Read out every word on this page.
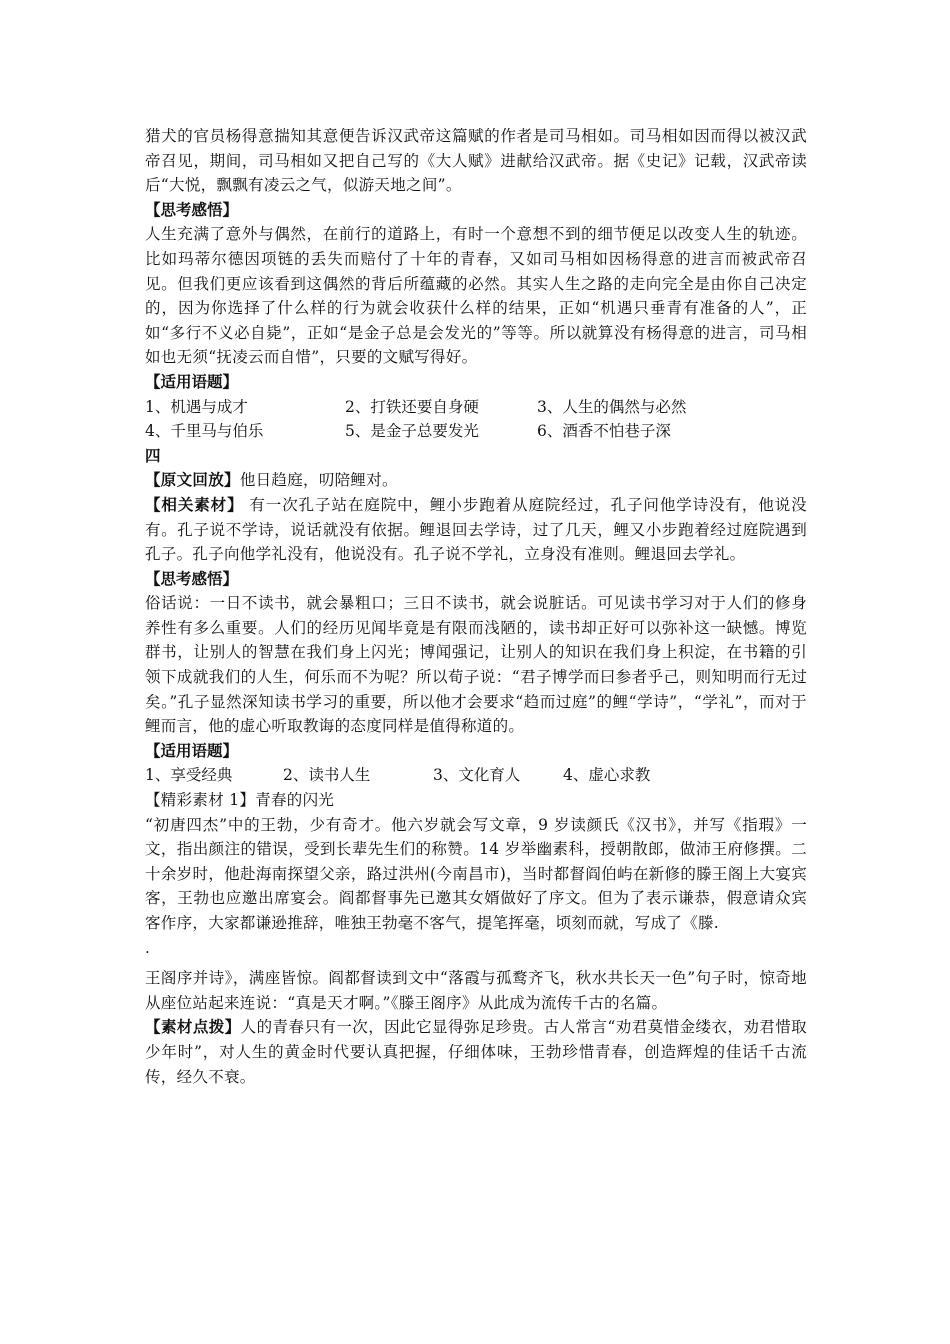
猎犬的官员杨得意揣知其意便告诉汉武帝这篇赋的作者是司马相如。司马相如因而得以被汉武帝召见，期间，司马相如又把自己写的《大人赋》进献给汉武帝。据《史记》记载，汉武帝读后“大悦，飘飘有凌云之气，似游天地之间”。

【思考感悟】

人生充满了意外与偶然，在前行的道路上，有时一个意想不到的细节便足以改变人生的轨迹。比如玛蒂尔德因项链的丢失而赔付了十年的青春，又如司马相如因杨得意的进言而被武帝召见。但我们更应该看到这偶然的背后所蕴藏的必然。其实人生之路的走向完全是由你自己决定的，因为你选择了什么样的行为就会收获什么样的结果，正如“机遇只垂青有准备的人”，正如“多行不义必自毙”，正如“是金子总是会发光的”等等。所以就算没有杨得意的进言，司马相如也无须“抚凌云而自惜”，只要的文赋写得好。

【适用语题】

1、机遇与成才	2、打铁还要自身硬	3、人生的偶然与必然
4、千里马与伯乐	5、是金子总要发光	6、酒香不怕巷子深

四

【原文回放】他日趋庭，叨陪鲤对。

【相关素材】 有一次孔子站在庭院中，鲤小步跑着从庭院经过，孔子问他学诗没有，他说没有。孔子说不学诗，说话就没有依据。鲤退回去学诗，过了几天，鲤又小步跑着经过庭院遇到孔子。孔子向他学礼没有，他说没有。孔子说不学礼，立身没有准则。鲤退回去学礼。

【思考感悟】

俗话说：一日不读书，就会暴粗口；三日不读书，就会说脏话。可见读书学习对于人们的修身养性有多么重要。人们的经历见闻毕竟是有限而浅陋的，读书却正好可以弥补这一缺憾。博览群书，让别人的智慧在我们身上闪光；博闻强记，让别人的知识在我们身上积淀，在书籍的引领下成就我们的人生，何乐而不为呢？所以荀子说：“君子博学而曰参者乎己，则知明而行无过矣。”孔子显然深知读书学习的重要，所以他才会要求“趋而过庭”的鲤“学诗”，“学礼”，而对于鲤而言，他的虚心听取教诲的态度同样是值得称道的。

【适用语题】

1、享受经典	2、读书人生	3、文化育人	4、虚心求教

【精彩素材 1】青春的闪光

“初唐四杰”中的王勃，少有奇才。他六岁就会写文章，9 岁读颜氏《汉书》，并写《指瑕》一文，指出颜注的错误，受到长辈先生们的称赞。14 岁举幽素科，授朝散郎，做沛王府修撰。二十余岁时，他赴海南探望父亲，路过洪州(今南昌市)，当时都督阎伯屿在新修的滕王阁上大宴宾客，王勃也应邀出席宴会。阎都督事先已邀其女婿做好了序文。但为了表示谦恭，假意请众宾客作序，大家都谦逊推辞，唯独王勃毫不客气，提笔挥毫，顷刻而就，写成了《滕.

.

王阁序并诗》，满座皆惊。阎都督读到文中“落霞与孤鹜齐飞，秋水共长天一色”句子时，惊奇地从座位站起来连说：“真是天才啊。”《滕王阁序》从此成为流传千古的名篇。

【素材点拨】人的青春只有一次，因此它显得弥足珍贵。古人常言“劝君莫惜金缕衣，劝君惜取少年时”，对人生的黄金时代要认真把握，仔细体味，王勃珍惜青春，创造辉煌的佳话千古流传，经久不衰。
